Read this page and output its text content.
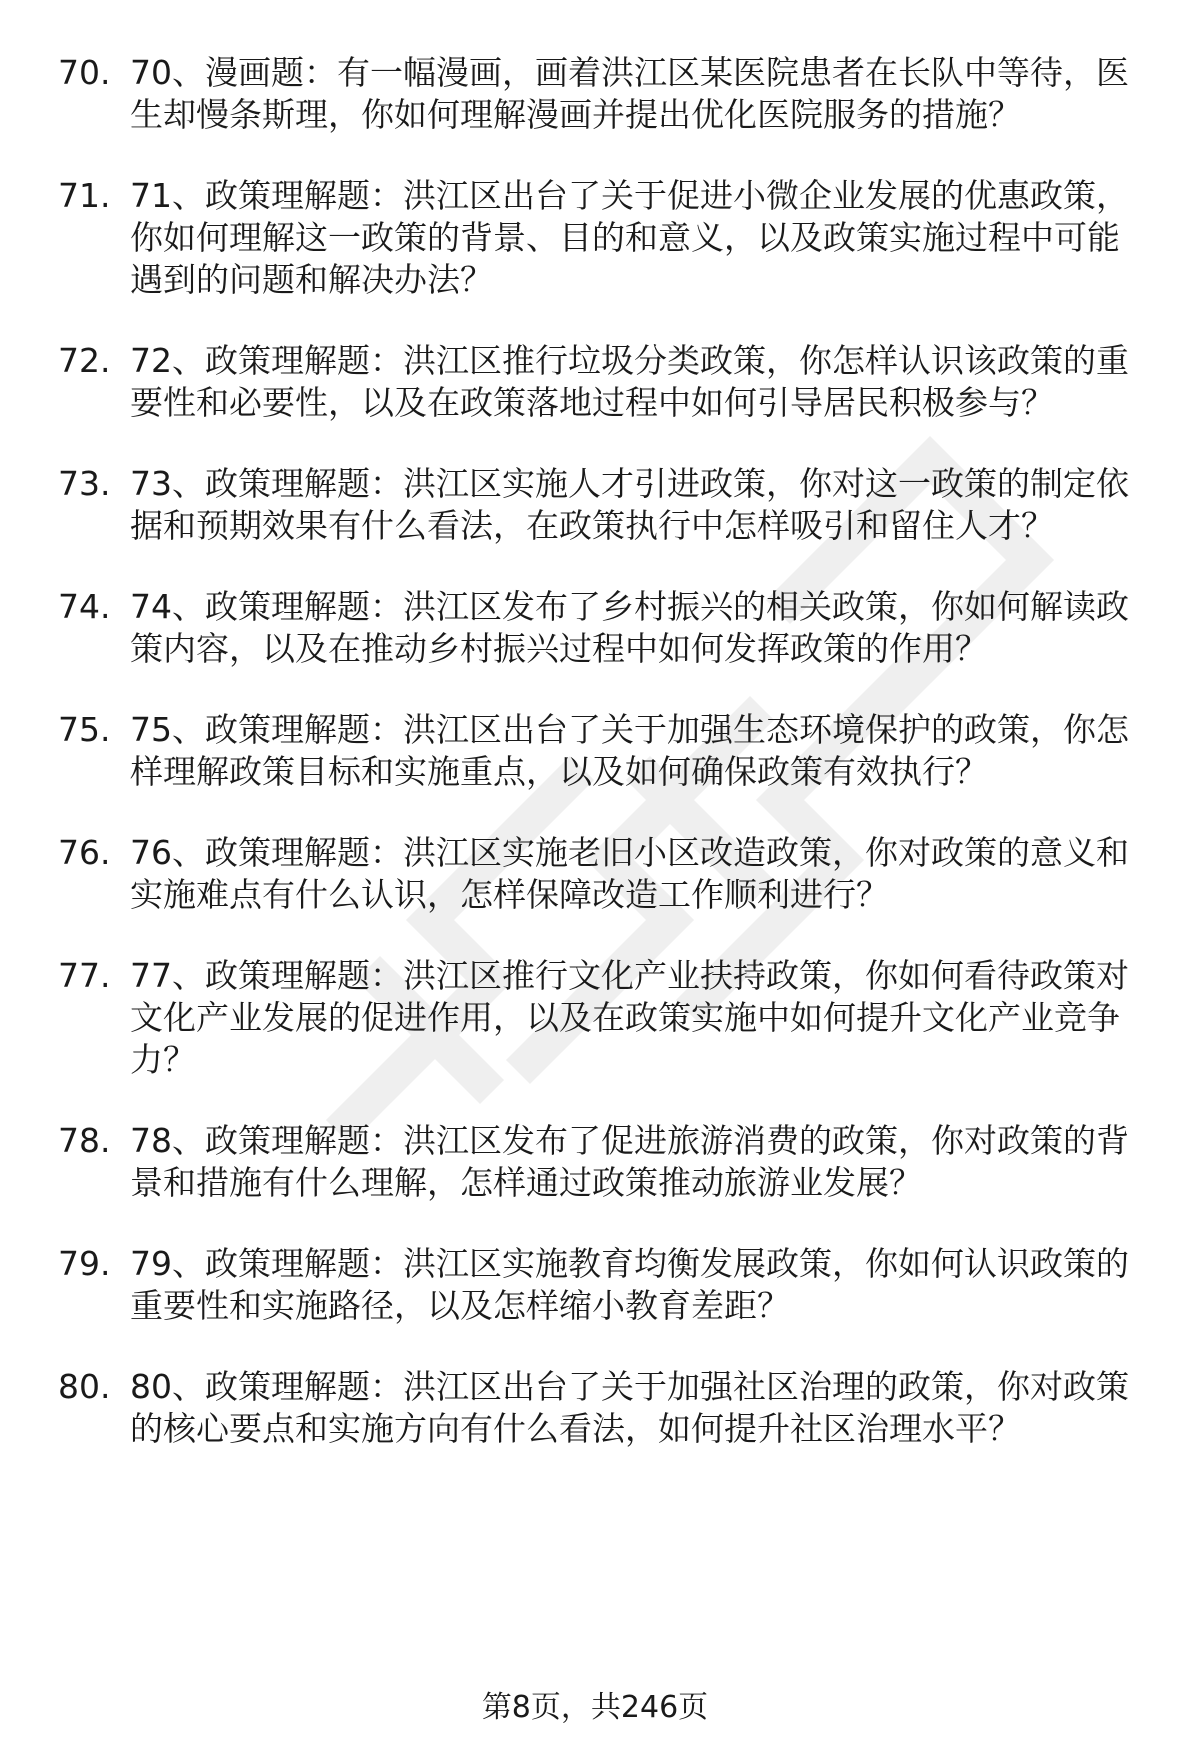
70. 70、漫画题：有一幅漫画，画着洪江区某医院患者在长队中等待，医生却慢条斯理，你如何理解漫画并提出优化医院服务的措施？
71. 71、政策理解题：洪江区出台了关于促进小微企业发展的优惠政策，你如何理解这一政策的背景、目的和意义，以及政策实施过程中可能遇到的问题和解决办法？
72. 72、政策理解题：洪江区推行垃圾分类政策，你怎样认识该政策的重要性和必要性，以及在政策落地过程中如何引导居民积极参与？
73. 73、政策理解题：洪江区实施人才引进政策，你对这一政策的制定依据和预期效果有什么看法，在政策执行中怎样吸引和留住人才？
74. 74、政策理解题：洪江区发布了乡村振兴的相关政策，你如何解读政策内容，以及在推动乡村振兴过程中如何发挥政策的作用？
75. 75、政策理解题：洪江区出台了关于加强生态环境保护的政策，你怎样理解政策目标和实施重点，以及如何确保政策有效执行？
76. 76、政策理解题：洪江区实施老旧小区改造政策，你对政策的意义和实施难点有什么认识，怎样保障改造工作顺利进行？
77. 77、政策理解题：洪江区推行文化产业扶持政策，你如何看待政策对文化产业发展的促进作用，以及在政策实施中如何提升文化产业竞争力？
78. 78、政策理解题：洪江区发布了促进旅游消费的政策，你对政策的背景和措施有什么理解，怎样通过政策推动旅游业发展？
79. 79、政策理解题：洪江区实施教育均衡发展政策，你如何认识政策的重要性和实施路径，以及怎样缩小教育差距？
80. 80、政策理解题：洪江区出台了关于加强社区治理的政策，你对政策的核心要点和实施方向有什么看法，如何提升社区治理水平？
第8页，共246页
